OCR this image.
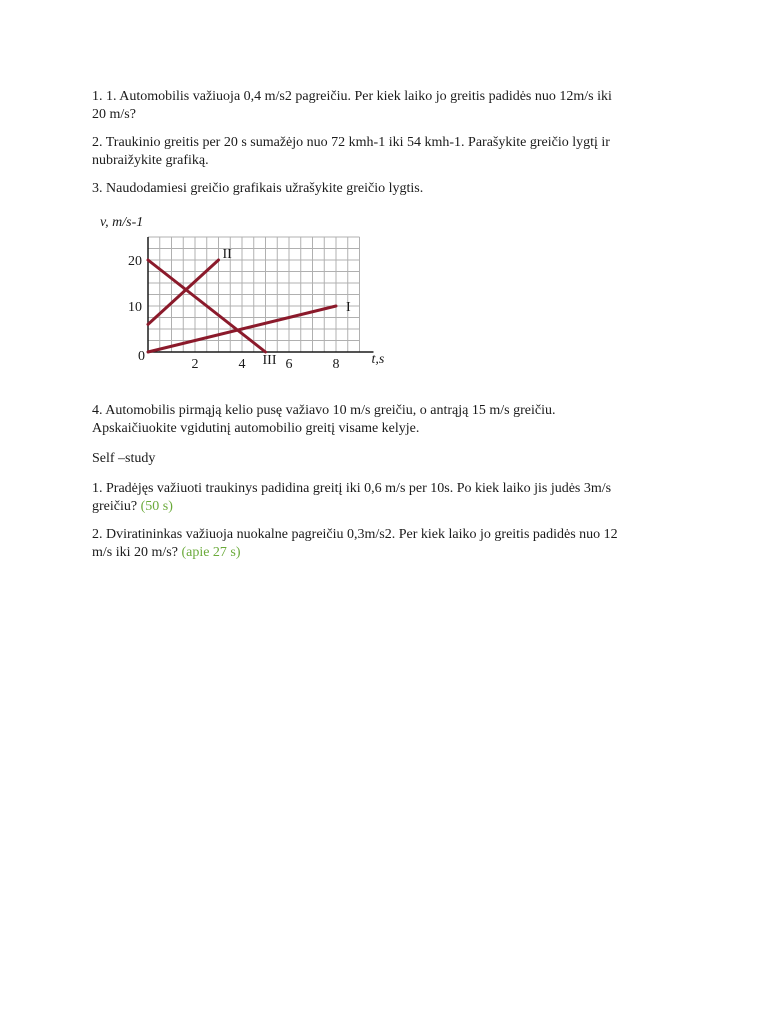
1. 1. Automobilis važiuoja 0,4 m/s2 pagreičiu. Per kiek laiko jo greitis padidės nuo 12m/s iki

20 m/s?

2. Traukinio greitis per 20 s sumažėjo nuo 72 kmh-1 iki 54 kmh-1. Parašykite greičio lygtį ir

nubraižykite grafiką.

3. Naudodamiesi greičio grafikais užrašykite greičio lygtis.

v, m/s-1
t,s
0
2	4	6	8
10
20
I
II
III

4. Automobilis pirmąją kelio pusę važiavo 10 m/s greičiu, o antrąją 15 m/s greičiu.

Apskaičiuokite vgidutinį automobilio greitį visame kelyje.

Self –study

1. Pradėjęs važiuoti traukinys padidina greitį iki 0,6 m/s per 10s. Po kiek laiko jis judės 3m/s

greičiu? (50 s)

2. Dviratininkas važiuoja nuokalne pagreičiu 0,3m/s2. Per kiek laiko jo greitis padidės nuo 12

m/s iki 20 m/s? (apie 27 s)
